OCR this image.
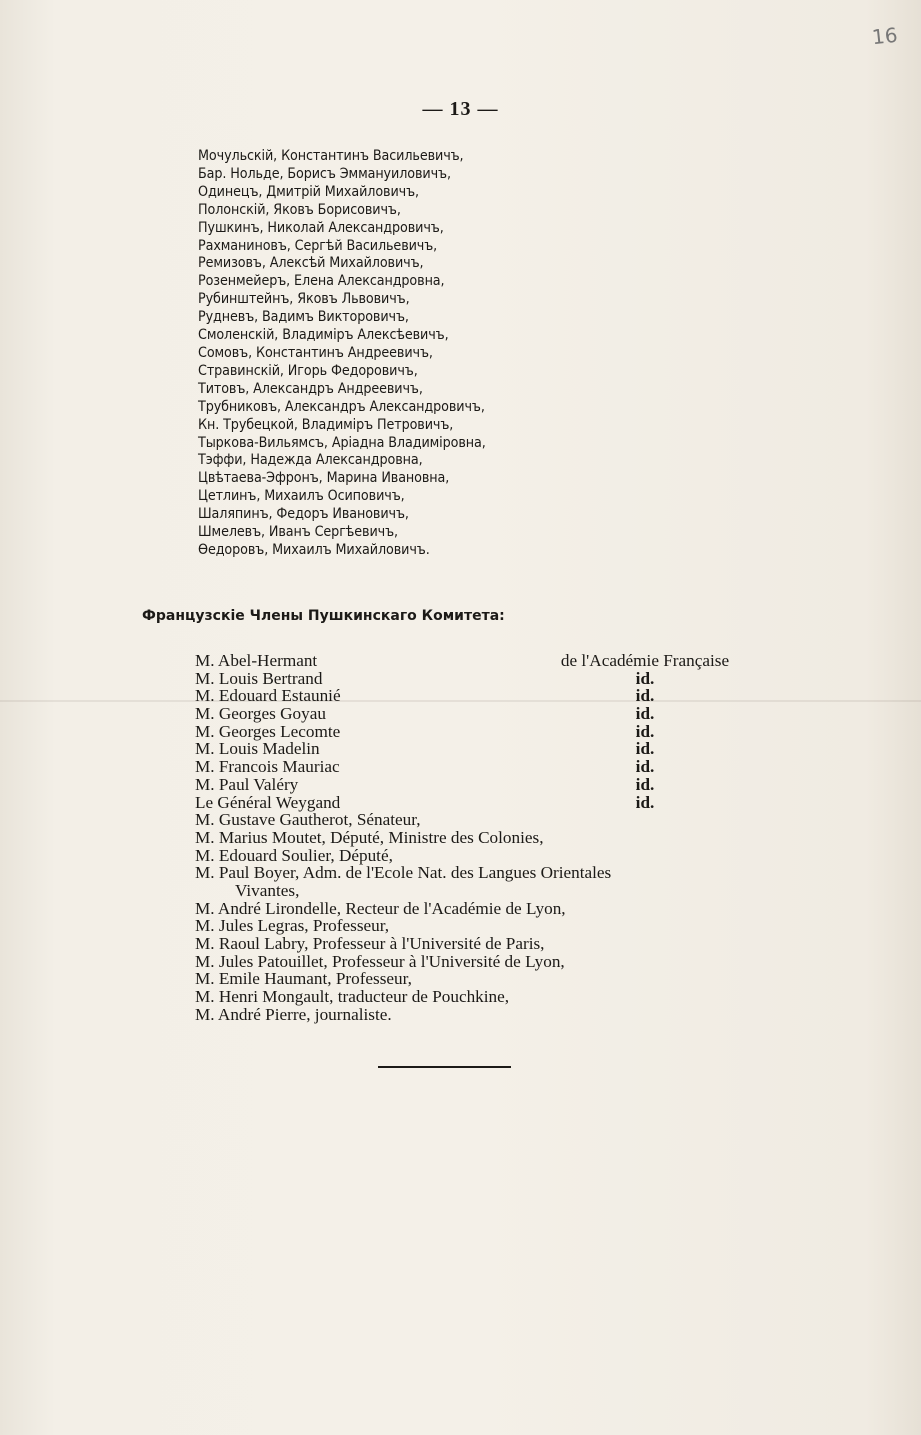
16
— 13 —
Мочульскій, Константинъ Васильевичъ,
Бар. Нольде, Борисъ Эммануиловичъ,
Одинецъ, Дмитрій Михайловичъ,
Полонскій, Яковъ Борисовичъ,
Пушкинъ, Николай Александровичъ,
Рахманиновъ, Сергѣй Васильевичъ,
Ремизовъ, Алексѣй Михайловичъ,
Розенмейеръ, Елена Александровна,
Рубинштейнъ, Яковъ Львовичъ,
Рудневъ, Вадимъ Викторовичъ,
Смоленскій, Владиміръ Алексѣевичъ,
Сомовъ, Константинъ Андреевичъ,
Стравинскій, Игорь Федоровичъ,
Титовъ, Александръ Андреевичъ,
Трубниковъ, Александръ Александровичъ,
Кн. Трубецкой, Владиміръ Петровичъ,
Тыркова-Вильямсъ, Аріадна Владиміровна,
Тэффи, Надежда Александровна,
Цвѣтаева-Эфронъ, Марина Ивановна,
Цетлинъ, Михаилъ Осиповичъ,
Шаляпинъ, Федоръ Ивановичъ,
Шмелевъ, Иванъ Сергѣевичъ,
Ѳедоровъ, Михаилъ Михайловичъ.
Французскіе Члены Пушкинскаго Комитета:
M. Abel-Hermant	de l'Académie Française
M. Louis Bertrand	id.
M. Edouard Estaunié	id.
M. Georges Goyau	id.
M. Georges Lecomte	id.
M. Louis Madelin	id.
M. Francois Mauriac	id.
M. Paul Valéry	id.
Le Général Weygand	id.
M. Gustave Gautherot, Sénateur,
M. Marius Moutet, Député, Ministre des Colonies,
M. Edouard Soulier, Député,
M. Paul Boyer, Adm. de l'Ecole Nat. des Langues Orientales
Vivantes,
M. André Lirondelle, Recteur de l'Académie de Lyon,
M. Jules Legras, Professeur,
M. Raoul Labry, Professeur à l'Université de Paris,
M. Jules Patouillet, Professeur à l'Université de Lyon,
M. Emile Haumant, Professeur,
M. Henri Mongault, traducteur de Pouchkine,
M. André Pierre, journaliste.
